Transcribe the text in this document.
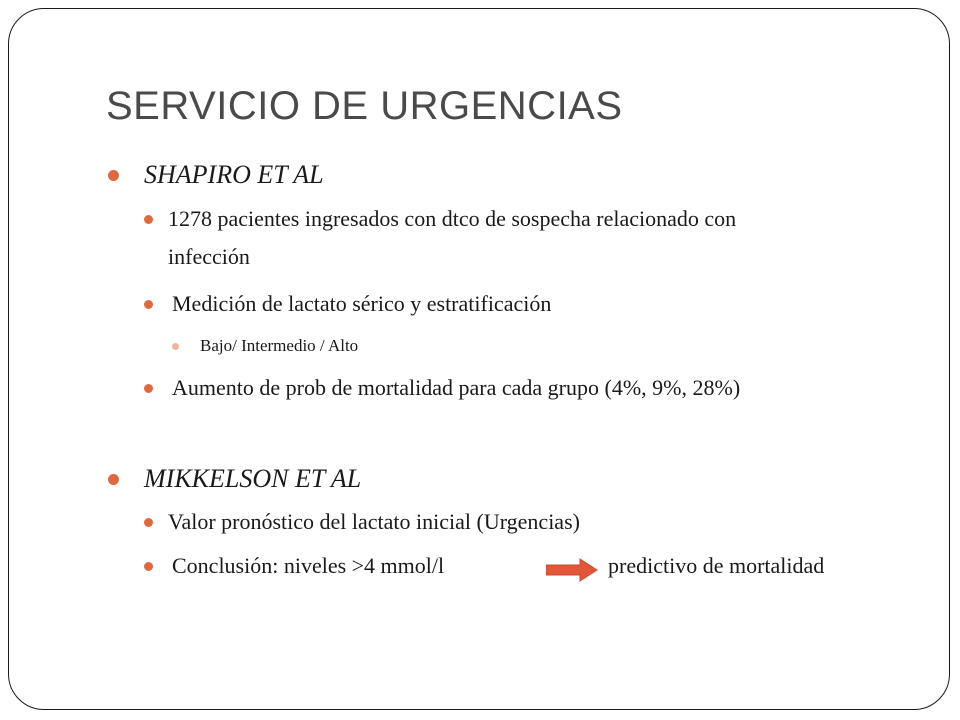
SERVICIO DE URGENCIAS
SHAPIRO ET AL
1278 pacientes ingresados con dtco de sospecha relacionado con
infección
Medición de lactato sérico y estratificación
Bajo/ Intermedio / Alto
Aumento de prob de mortalidad para cada grupo (4%, 9%, 28%)
MIKKELSON ET AL
Valor pronóstico del lactato inicial (Urgencias)
Conclusión: niveles >4 mmol/l	predictivo de mortalidad
